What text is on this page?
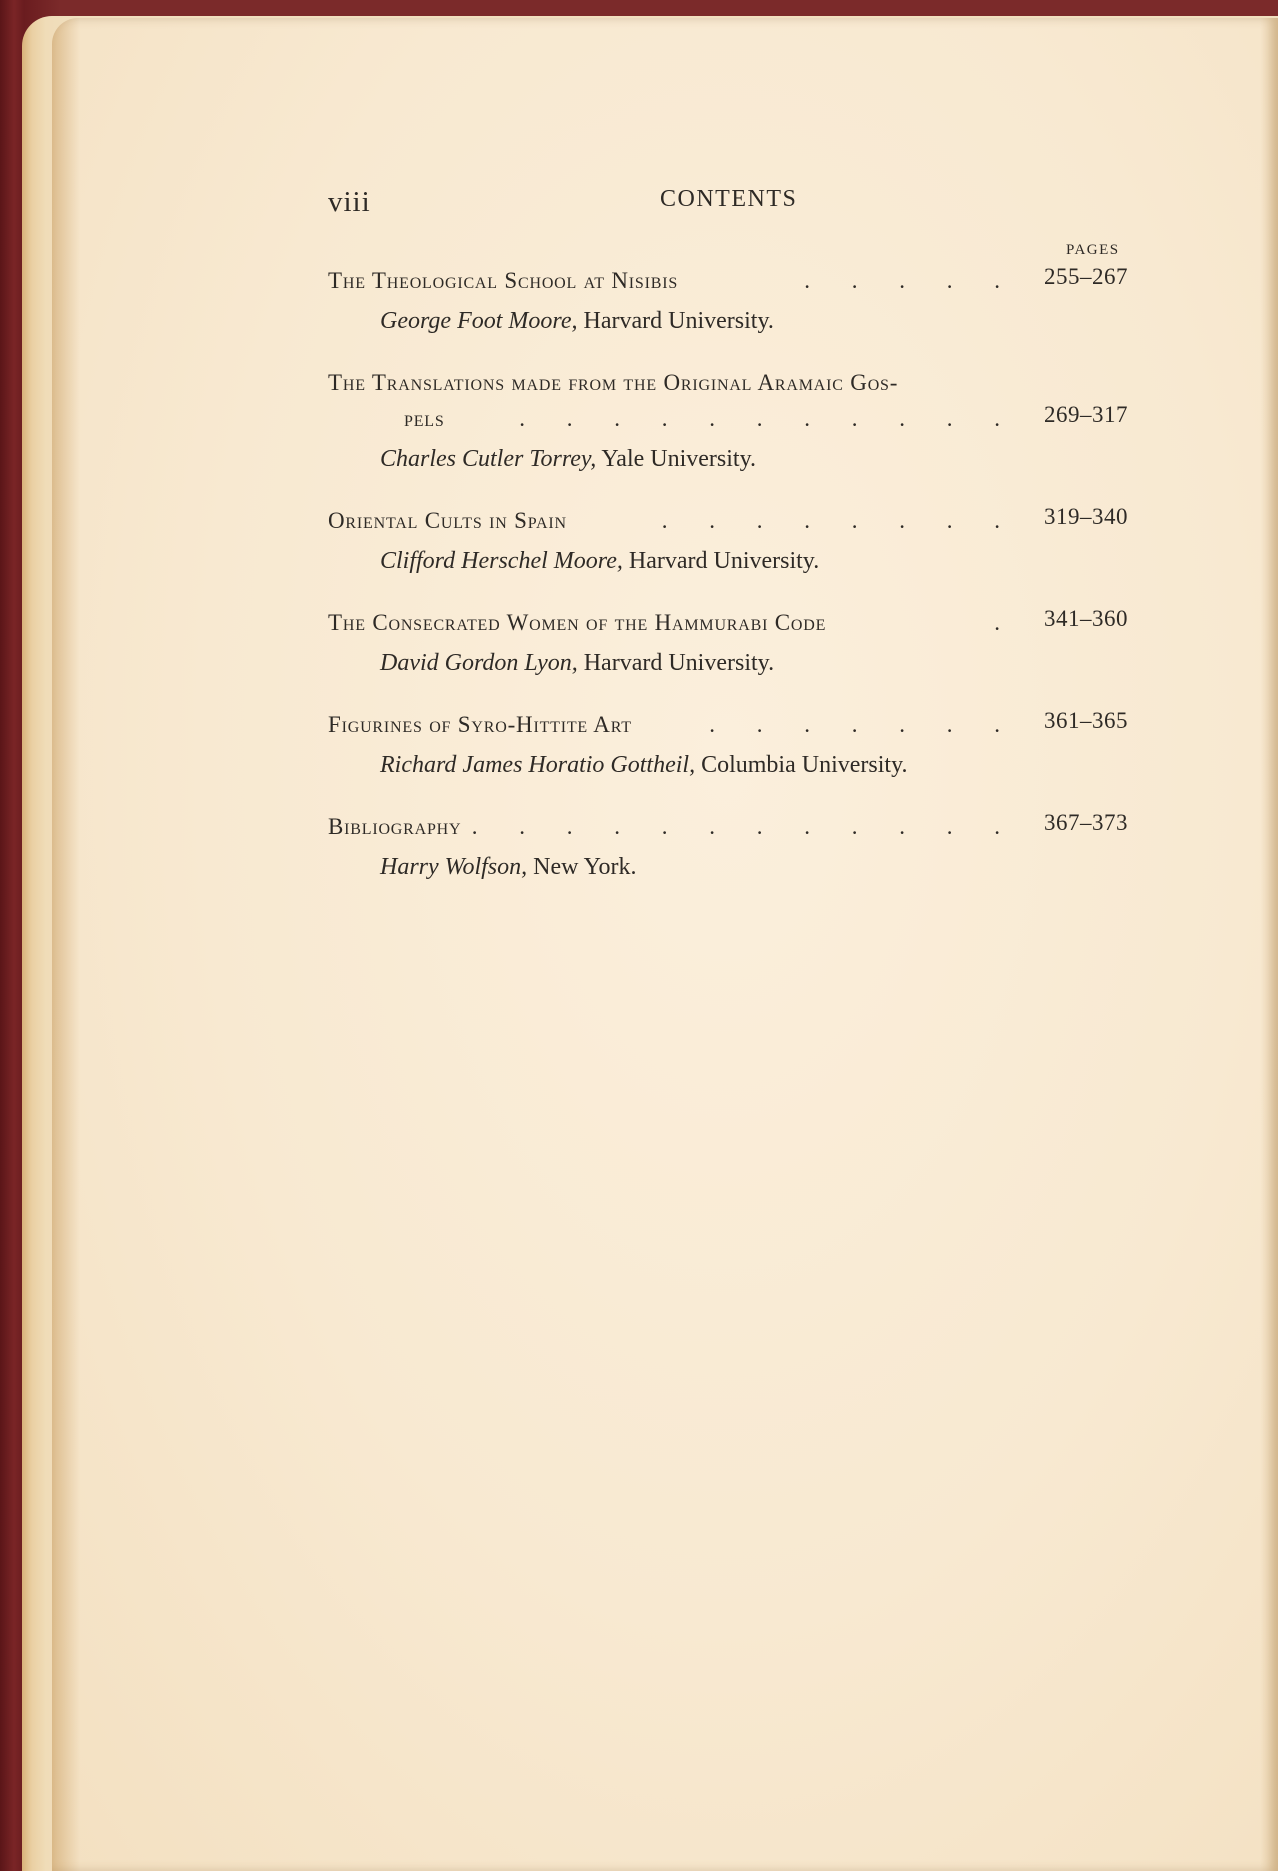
viii	CONTENTS
PAGES
The Theological School at Nisibis	. . . . . 255–267
George Foot Moore, Harvard University.
The Translations made from the Original Aramaic Gos-
pels	. . . . . . . . . . . 269–317
Charles Cutler Torrey, Yale University.
Oriental Cults in Spain	. . . . . . . . 319–340
Clifford Herschel Moore, Harvard University.
The Consecrated Women of the Hammurabi Code	. 341–360
David Gordon Lyon, Harvard University.
Figurines of Syro-Hittite Art	. . . . . . . 361–365
Richard James Horatio Gottheil, Columbia University.
Bibliography . . . . . . . . . . . . 367–373
Harry Wolfson, New York.
